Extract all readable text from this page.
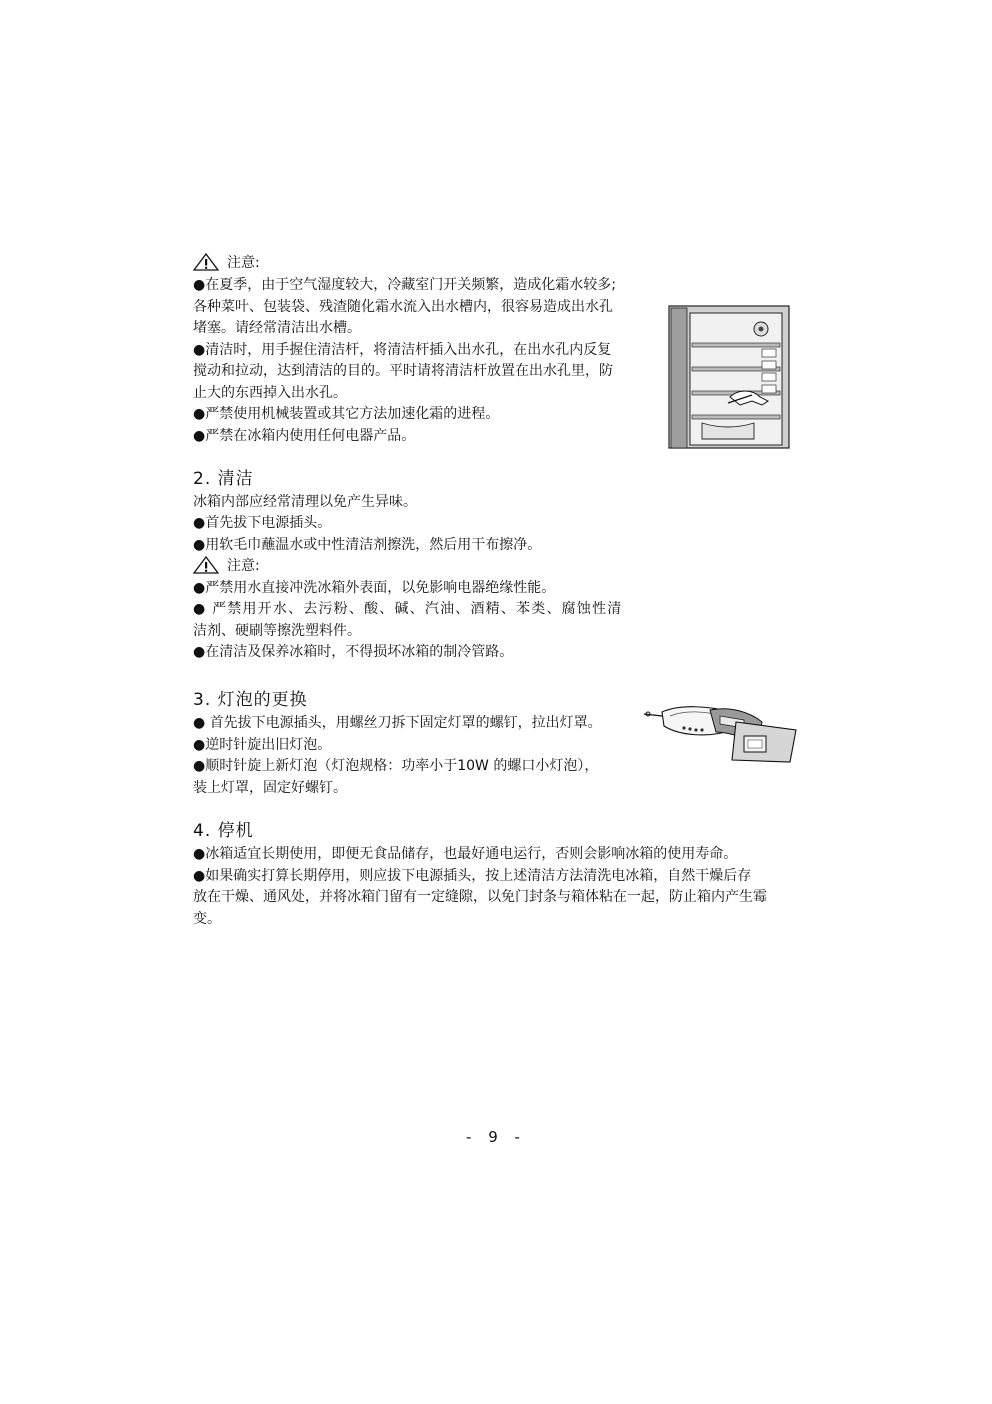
注意:
●在夏季，由于空气湿度较大，冷藏室门开关频繁，造成化霜水较多;
各种菜叶、包装袋、残渣随化霜水流入出水槽内，很容易造成出水孔
堵塞。请经常清洁出水槽。
●清洁时，用手握住清洁杆，将清洁杆插入出水孔，在出水孔内反复
搅动和拉动，达到清洁的目的。平时请将清洁杆放置在出水孔里，防
止大的东西掉入出水孔。
●严禁使用机械装置或其它方法加速化霜的进程。
●严禁在冰箱内使用任何电器产品。
2. 清洁
冰箱内部应经常清理以免产生异味。
●首先拔下电源插头。
●用软毛巾蘸温水或中性清洁剂擦洗，然后用干布擦净。
注意:
●严禁用水直接冲洗冰箱外表面，以免影响电器绝缘性能。
● 严禁用开水、去污粉、酸、碱、汽油、酒精、苯类、腐蚀性清
洁剂、硬刷等擦洗塑料件。
●在清洁及保养冰箱时，不得损坏冰箱的制冷管路。
3. 灯泡的更换
● 首先拔下电源插头，用螺丝刀拆下固定灯罩的螺钉，拉出灯罩。
●逆时针旋出旧灯泡。
●顺时针旋上新灯泡（灯泡规格：功率小于10W 的螺口小灯泡），
装上灯罩，固定好螺钉。
4. 停机
●冰箱适宜长期使用，即便无食品储存，也最好通电运行，否则会影响冰箱的使用寿命。
●如果确实打算长期停用，则应拔下电源插头，按上述清洁方法清洗电冰箱，自然干燥后存
放在干燥、通风处，并将冰箱门留有一定缝隙，以免门封条与箱体粘在一起，防止箱内产生霉
变。
- 9 -
